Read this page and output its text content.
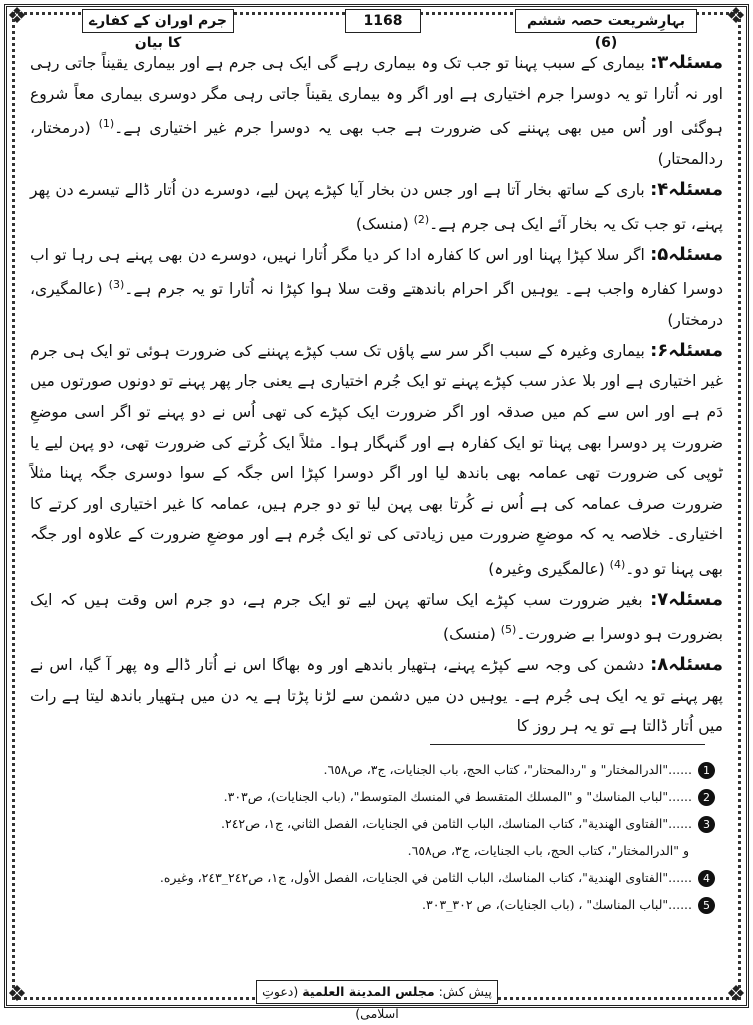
❖	❖
❖	❖
جرم اوران کے کفارے کا بیان
1168	بہارِشریعت حصہ ششم (6)

مسئلہ۳: بیماری کے سبب پہنا تو جب تک وہ بیماری رہے گی ایک ہی جرم ہے اور بیماری یقیناً جاتی رہی اور نہ اُتارا تو یہ دوسرا جرم اختیاری ہے اور اگر وہ بیماری یقیناً جاتی رہی مگر دوسری بیماری معاً شروع ہوگئی اور اُس میں بھی پہننے کی ضرورت ہے جب بھی یہ دوسرا جرم غیر اختیاری ہے۔$^{(1)}$ (درمختار، ردالمحتار)

مسئلہ۴: باری کے ساتھ بخار آتا ہے اور جس دن بخار آیا کپڑے پہن لیے، دوسرے دن اُتار ڈالے تیسرے دن پھر پہنے، تو جب تک یہ بخار آئے ایک ہی جرم ہے۔$^{(2)}$ (منسک)

مسئلہ۵: اگر سلا کپڑا پہنا اور اس کا کفارہ ادا کر دیا مگر اُتارا نہیں، دوسرے دن بھی پہنے ہی رہا تو اب دوسرا کفارہ واجب ہے۔ یوہیں اگر احرام باندھتے وقت سلا ہوا کپڑا نہ اُتارا تو یہ جرم ہے۔$^{(3)}$ (عالمگیری، درمختار)

مسئلہ۶: بیماری وغیرہ کے سبب اگر سر سے پاؤں تک سب کپڑے پہننے کی ضرورت ہوئی تو ایک ہی جرم غیر اختیاری ہے اور بلا عذر سب کپڑے پہنے تو ایک جُرم اختیاری ہے یعنی جار پھر پہنے تو دونوں صورتوں میں دَم ہے اور اس سے کم میں صدقہ اور اگر ضرورت ایک کپڑے کی تھی اُس نے دو پہنے تو اگر اسی موضعِ ضرورت پر دوسرا بھی پہنا تو ایک کفارہ ہے اور گنہگار ہوا۔ مثلاً ایک کُرتے کی ضرورت تھی، دو پہن لیے یا ٹوپی کی ضرورت تھی عمامہ بھی باندھ لیا اور اگر دوسرا کپڑا اس جگہ کے سوا دوسری جگہ پہنا مثلاً ضرورت صرف عمامہ کی ہے اُس نے کُرتا بھی پہن لیا تو دو جرم ہیں، عمامہ کا غیر اختیاری اور کرتے کا اختیاری۔ خلاصہ یہ کہ موضعِ ضرورت میں زیادتی کی تو ایک جُرم ہے اور موضعِ ضرورت کے علاوہ اور جگہ بھی پہنا تو دو۔$^{(4)}$ (عالمگیری وغیرہ)

مسئلہ۷: بغیر ضرورت سب کپڑے ایک ساتھ پہن لیے تو ایک جرم ہے، دو جرم اس وقت ہیں کہ ایک بضرورت ہو دوسرا بے ضرورت۔$^{(5)}$ (منسک)

مسئلہ۸: دشمن کی وجہ سے کپڑے پہنے، ہتھیار باندھے اور وہ بھاگا اس نے اُتار ڈالے وہ پھر آ گیا، اس نے پھر پہنے تو یہ ایک ہی جُرم ہے۔ یوہیں دن میں دشمن سے لڑنا پڑتا ہے یہ دن میں ہتھیار باندھ لیتا ہے رات میں اُتار ڈالتا ہے تو یہ ہر روز کا

1......"الدرالمختار" و "ردالمحتار"، كتاب الحج، باب الجنايات، ج٣، ص٦٥٨.
2......"لباب المناسك" و "المسلك المتقسط في المنسك المتوسط"، (باب الجنايات)، ص٣٠٣.
3......"الفتاوى الهندية"، كتاب المناسك، الباب الثامن في الجنايات، الفصل الثاني، ج١، ص٢٤٢.
و "الدرالمختار"، كتاب الحج، باب الجنايات، ج٣، ص٦٥٨.
4......"الفتاوى الهندية"، كتاب المناسك، الباب الثامن في الجنايات، الفصل الأول، ج١، ص٢٤٢_٢٤٣، وغيره.
5......"لباب المناسك" ، (باب الجنايات)، ص ٣٠٢_٣٠٣.
پیش کش: مجلس المدينة العلمية (دعوتِ اسلامی)
